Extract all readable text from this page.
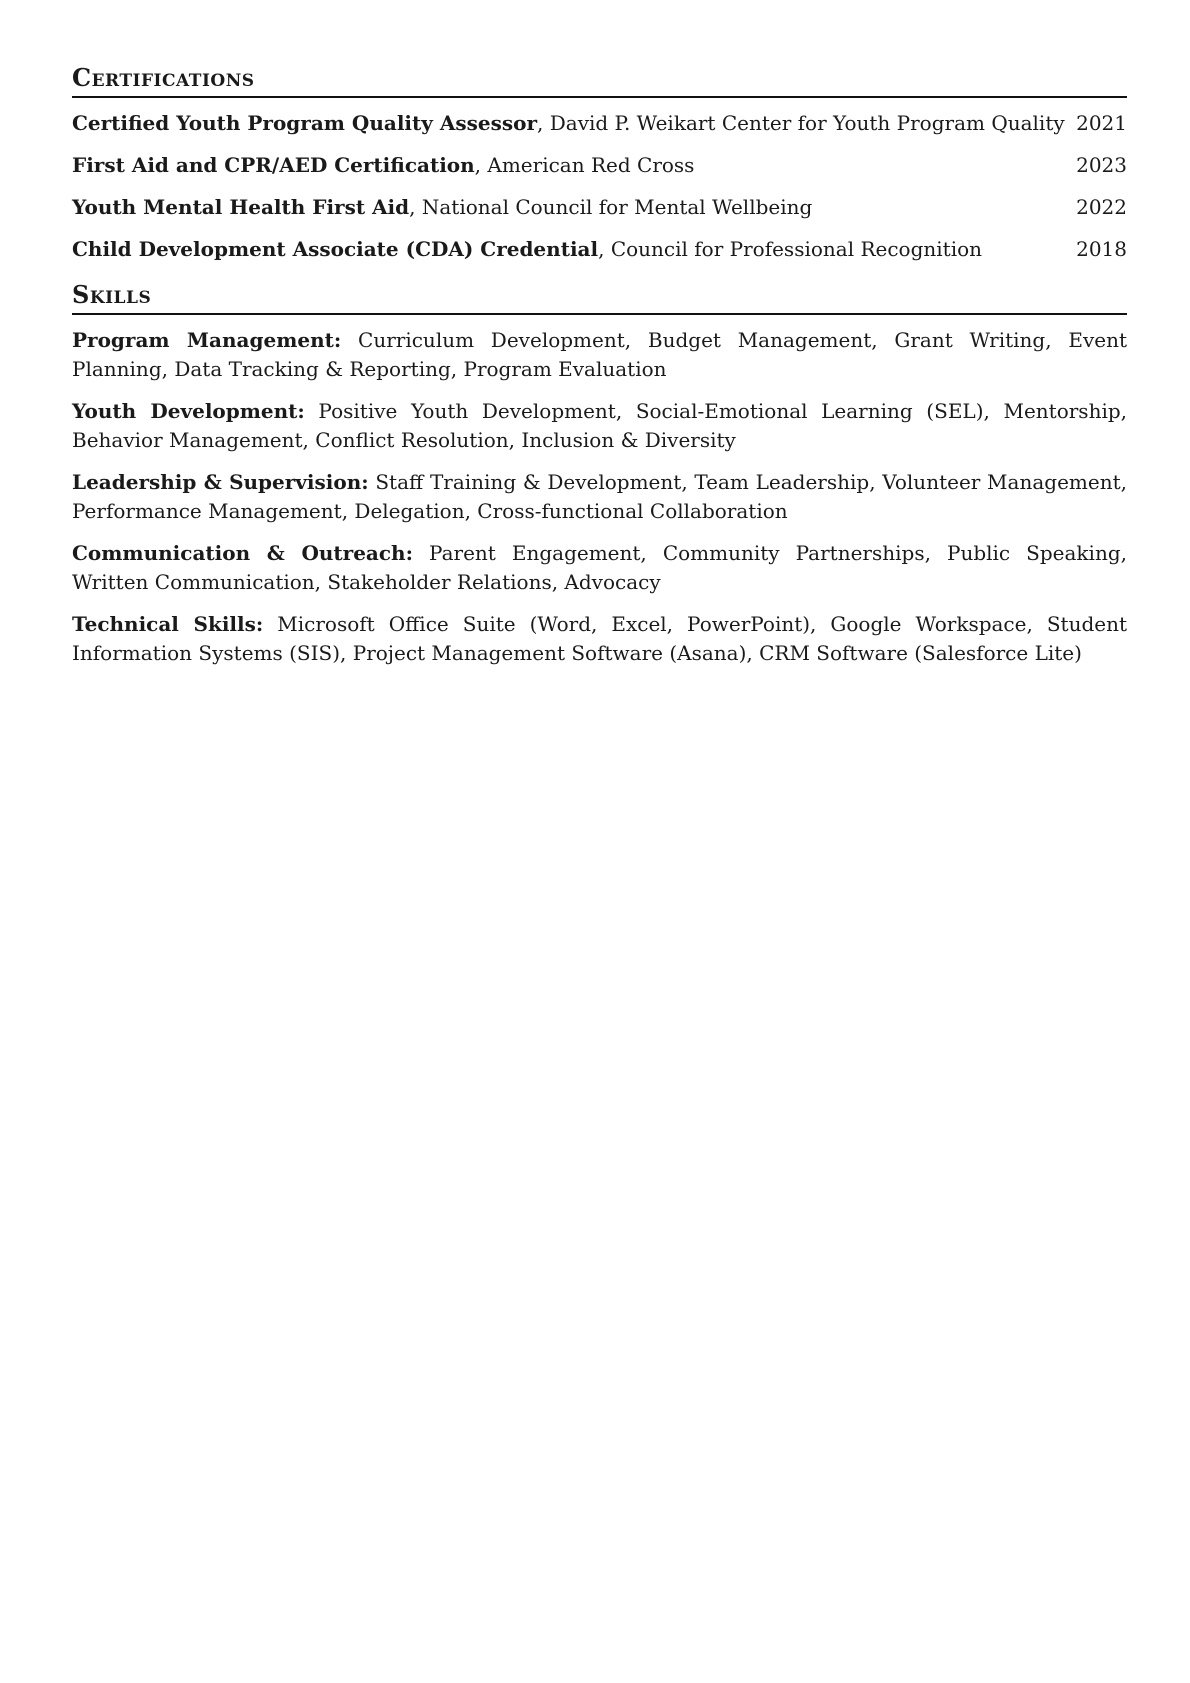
Certifications
Certified Youth Program Quality Assessor, David P. Weikart Center for Youth Program Quality 2021
First Aid and CPR/AED Certification, American Red Cross	2023
Youth Mental Health First Aid, National Council for Mental Wellbeing	2022
Child Development Associate (CDA) Credential, Council for Professional Recognition	2018
Skills
Program Management: Curriculum Development, Budget Management, Grant Writing, Event Planning, Data Tracking & Reporting, Program Evaluation
Youth Development: Positive Youth Development, Social-Emotional Learning (SEL), Mentorship, Behavior Management, Conflict Resolution, Inclusion & Diversity
Leadership & Supervision: Staff Training & Development, Team Leadership, Volunteer Management, Performance Management, Delegation, Cross-functional Collaboration
Communication & Outreach: Parent Engagement, Community Partnerships, Public Speaking, Written Communication, Stakeholder Relations, Advocacy
Technical Skills: Microsoft Office Suite (Word, Excel, PowerPoint), Google Workspace, Student Information Systems (SIS), Project Management Software (Asana), CRM Software (Salesforce Lite)
